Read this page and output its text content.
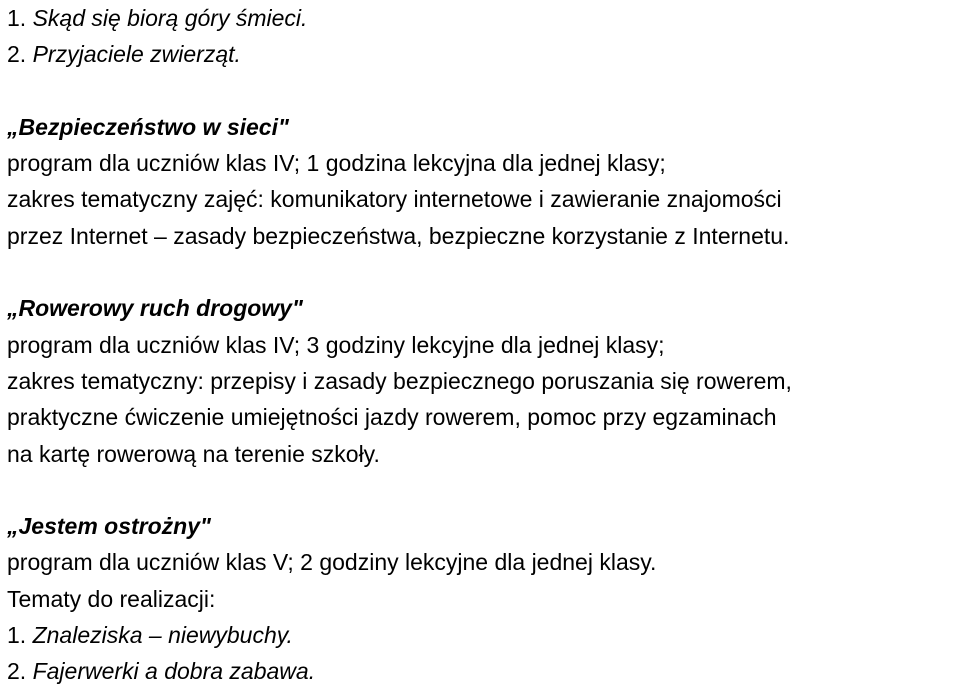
1. Skąd się biorą góry śmieci.
2. Przyjaciele zwierząt.
„Bezpieczeństwo w sieci"
program dla uczniów klas IV; 1 godzina lekcyjna dla jednej klasy;
zakres tematyczny zajęć: komunikatory internetowe i zawieranie znajomości
przez Internet – zasady bezpieczeństwa, bezpieczne korzystanie z Internetu.
„Rowerowy ruch drogowy"
program dla uczniów klas IV; 3 godziny lekcyjne dla jednej klasy;
zakres tematyczny: przepisy i zasady bezpiecznego poruszania się rowerem,
praktyczne ćwiczenie umiejętności jazdy rowerem, pomoc przy egzaminach
na kartę rowerową na terenie szkoły.
„Jestem ostrożny"
program dla uczniów klas V; 2 godziny lekcyjne dla jednej klasy.
Tematy do realizacji:
1. Znaleziska – niewybuchy.
2. Fajerwerki a dobra zabawa.
